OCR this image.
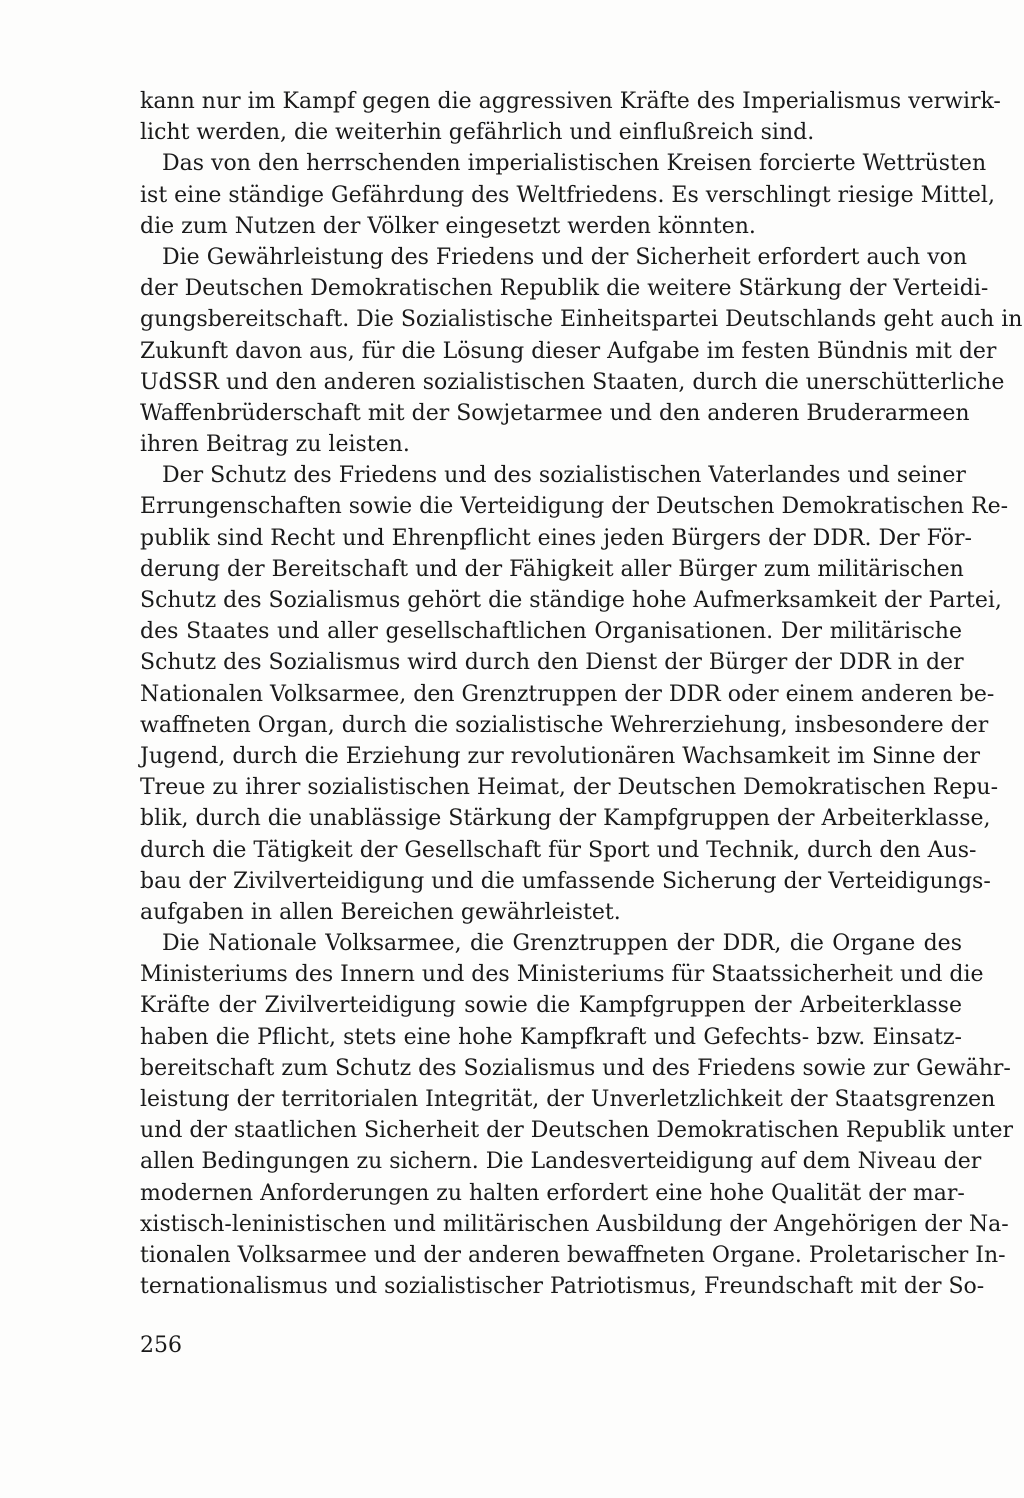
kann nur im Kampf gegen die aggressiven Kräfte des Imperialismus verwirk-
licht werden, die weiterhin gefährlich und einflußreich sind.
Das von den herrschenden imperialistischen Kreisen forcierte Wettrüsten
ist eine ständige Gefährdung des Weltfriedens. Es verschlingt riesige Mittel,
die zum Nutzen der Völker eingesetzt werden könnten.
Die Gewährleistung des Friedens und der Sicherheit erfordert auch von
der Deutschen Demokratischen Republik die weitere Stärkung der Verteidi-
gungsbereitschaft. Die Sozialistische Einheitspartei Deutschlands geht auch in
Zukunft davon aus, für die Lösung dieser Aufgabe im festen Bündnis mit der
UdSSR und den anderen sozialistischen Staaten, durch die unerschütterliche
Waffenbrüderschaft mit der Sowjetarmee und den anderen Bruderarmeen
ihren Beitrag zu leisten.
Der Schutz des Friedens und des sozialistischen Vaterlandes und seiner
Errungenschaften sowie die Verteidigung der Deutschen Demokratischen Re-
publik sind Recht und Ehrenpflicht eines jeden Bürgers der DDR. Der För-
derung der Bereitschaft und der Fähigkeit aller Bürger zum militärischen
Schutz des Sozialismus gehört die ständige hohe Aufmerksamkeit der Partei,
des Staates und aller gesellschaftlichen Organisationen. Der militärische
Schutz des Sozialismus wird durch den Dienst der Bürger der DDR in der
Nationalen Volksarmee, den Grenztruppen der DDR oder einem anderen be-
waffneten Organ, durch die sozialistische Wehrerziehung, insbesondere der
Jugend, durch die Erziehung zur revolutionären Wachsamkeit im Sinne der
Treue zu ihrer sozialistischen Heimat, der Deutschen Demokratischen Repu-
blik, durch die unablässige Stärkung der Kampfgruppen der Arbeiterklasse,
durch die Tätigkeit der Gesellschaft für Sport und Technik, durch den Aus-
bau der Zivilverteidigung und die umfassende Sicherung der Verteidigungs-
aufgaben in allen Bereichen gewährleistet.
Die Nationale Volksarmee, die Grenztruppen der DDR, die Organe des
Ministeriums des Innern und des Ministeriums für Staatssicherheit und die
Kräfte der Zivilverteidigung sowie die Kampfgruppen der Arbeiterklasse
haben die Pflicht, stets eine hohe Kampfkraft und Gefechts- bzw. Einsatz-
bereitschaft zum Schutz des Sozialismus und des Friedens sowie zur Gewähr-
leistung der territorialen Integrität, der Unverletzlichkeit der Staatsgrenzen
und der staatlichen Sicherheit der Deutschen Demokratischen Republik unter
allen Bedingungen zu sichern. Die Landesverteidigung auf dem Niveau der
modernen Anforderungen zu halten erfordert eine hohe Qualität der mar-
xistisch-leninistischen und militärischen Ausbildung der Angehörigen der Na-
tionalen Volksarmee und der anderen bewaffneten Organe. Proletarischer In-
ternationalismus und sozialistischer Patriotismus, Freundschaft mit der So-
256
